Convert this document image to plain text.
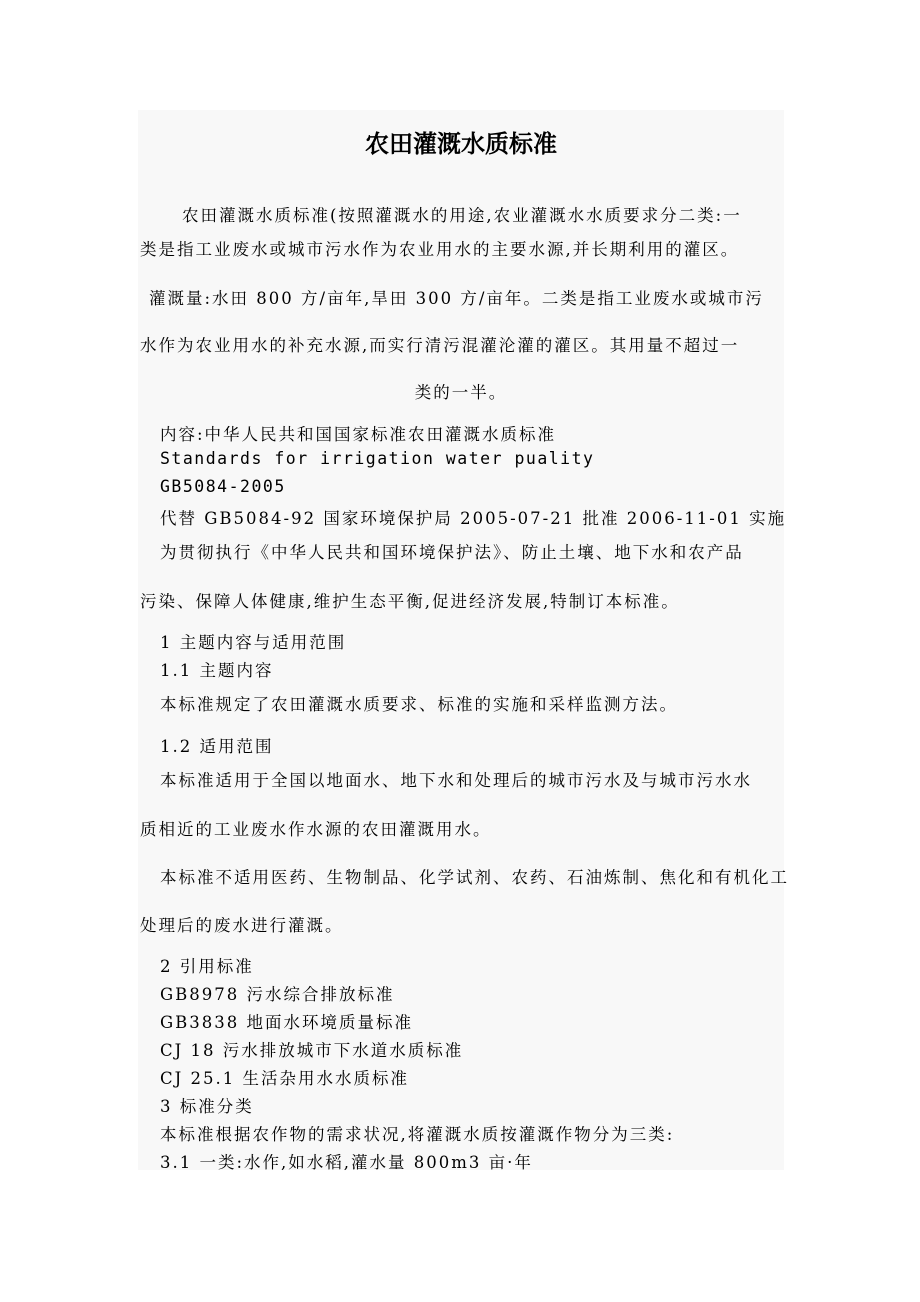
农田灌溉水质标准
农田灌溉水质标准(按照灌溉水的用途,农业灌溉水水质要求分二类:一
类是指工业废水或城市污水作为农业用水的主要水源,并长期利用的灌区。
灌溉量:水田 800 方/亩年,旱田 300 方/亩年。二类是指工业废水或城市污
水作为农业用水的补充水源,而实行清污混灌沦灌的灌区。其用量不超过一
类的一半。
内容:中华人民共和国国家标准农田灌溉水质标准
Standards for irrigation water puality
GB5084-2005
代替 GB5084-92 国家环境保护局 2005-07-21 批准 2006-11-01 实施
为贯彻执行《中华人民共和国环境保护法》、防止土壤、地下水和农产品
污染、保障人体健康,维护生态平衡,促进经济发展,特制订本标准。
1 主题内容与适用范围
1.1 主题内容
本标准规定了农田灌溉水质要求、标准的实施和采样监测方法。
1.2 适用范围
本标准适用于全国以地面水、地下水和处理后的城市污水及与城市污水水
质相近的工业废水作水源的农田灌溉用水。
本标准不适用医药、生物制品、化学试剂、农药、石油炼制、焦化和有机化工
处理后的废水进行灌溉。
2 引用标准
GB8978 污水综合排放标准
GB3838 地面水环境质量标准
CJ 18 污水排放城市下水道水质标准
CJ 25.1 生活杂用水水质标准
3 标准分类
本标准根据农作物的需求状况,将灌溉水质按灌溉作物分为三类:
3.1 一类:水作,如水稻,灌水量 800m3 亩·年
